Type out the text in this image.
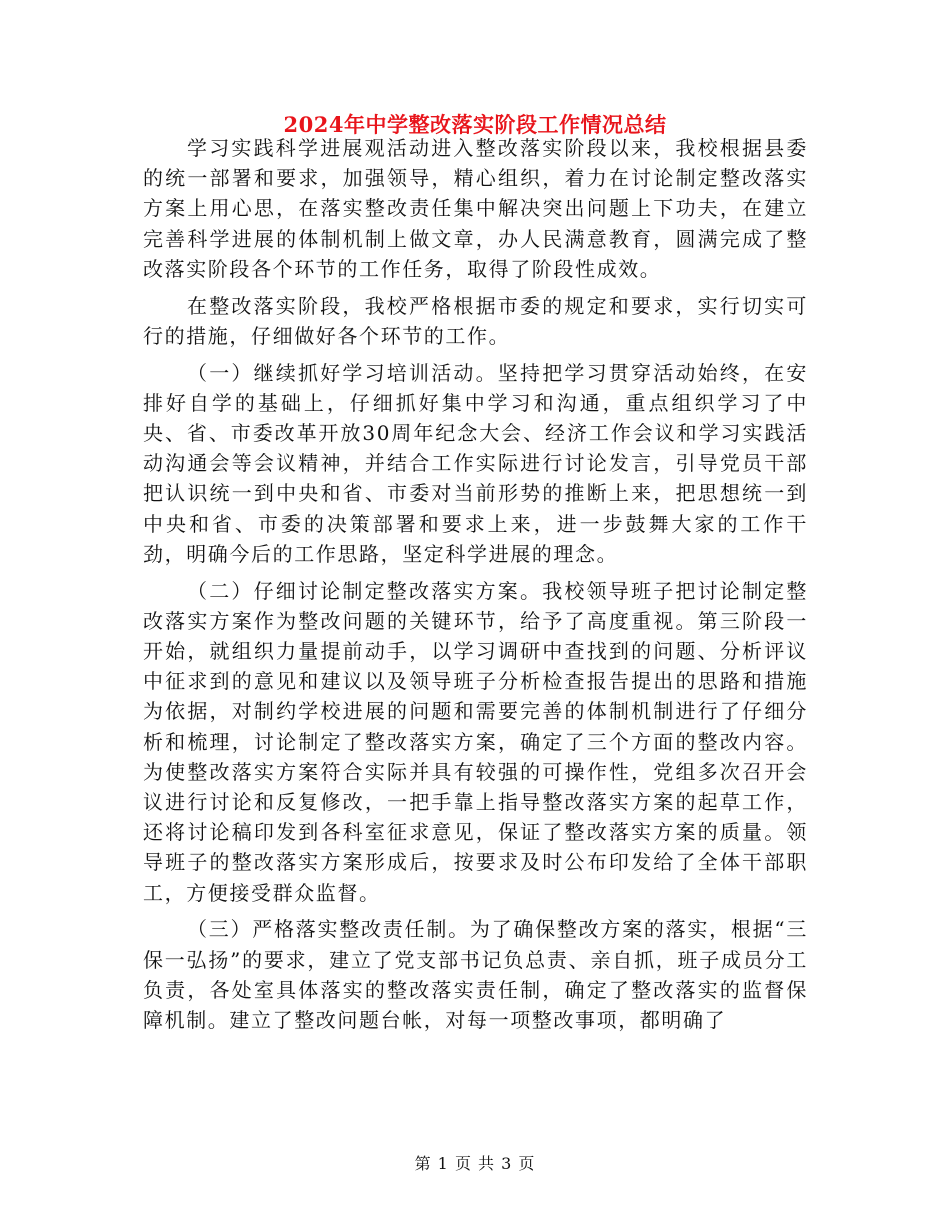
2024年中学整改落实阶段工作情况总结

学习实践科学进展观活动进入整改落实阶段以来，我校根据县委的统一部署和要求，加强领导，精心组织，着力在讨论制定整改落实方案上用心思，在落实整改责任集中解决突出问题上下功夫，在建立完善科学进展的体制机制上做文章，办人民满意教育，圆满完成了整改落实阶段各个环节的工作任务，取得了阶段性成效。

在整改落实阶段，我校严格根据市委的规定和要求，实行切实可行的措施，仔细做好各个环节的工作。

（一）继续抓好学习培训活动。坚持把学习贯穿活动始终，在安排好自学的基础上，仔细抓好集中学习和沟通，重点组织学习了中央、省、市委改革开放30周年纪念大会、经济工作会议和学习实践活动沟通会等会议精神，并结合工作实际进行讨论发言，引导党员干部把认识统一到中央和省、市委对当前形势的推断上来，把思想统一到中央和省、市委的决策部署和要求上来，进一步鼓舞大家的工作干劲，明确今后的工作思路，坚定科学进展的理念。

（二）仔细讨论制定整改落实方案。我校领导班子把讨论制定整改落实方案作为整改问题的关键环节，给予了高度重视。第三阶段一开始，就组织力量提前动手，以学习调研中查找到的问题、分析评议中征求到的意见和建议以及领导班子分析检查报告提出的思路和措施为依据，对制约学校进展的问题和需要完善的体制机制进行了仔细分析和梳理，讨论制定了整改落实方案，确定了三个方面的整改内容。为使整改落实方案符合实际并具有较强的可操作性，党组多次召开会议进行讨论和反复修改，一把手靠上指导整改落实方案的起草工作，还将讨论稿印发到各科室征求意见，保证了整改落实方案的质量。领导班子的整改落实方案形成后，按要求及时公布印发给了全体干部职工，方便接受群众监督。

（三）严格落实整改责任制。为了确保整改方案的落实，根据“三保一弘扬”的要求，建立了党支部书记负总责、亲自抓，班子成员分工负责，各处室具体落实的整改落实责任制，确定了整改落实的监督保障机制。建立了整改问题台帐，对每一项整改事项，都明确了

第 1 页 共 3 页
